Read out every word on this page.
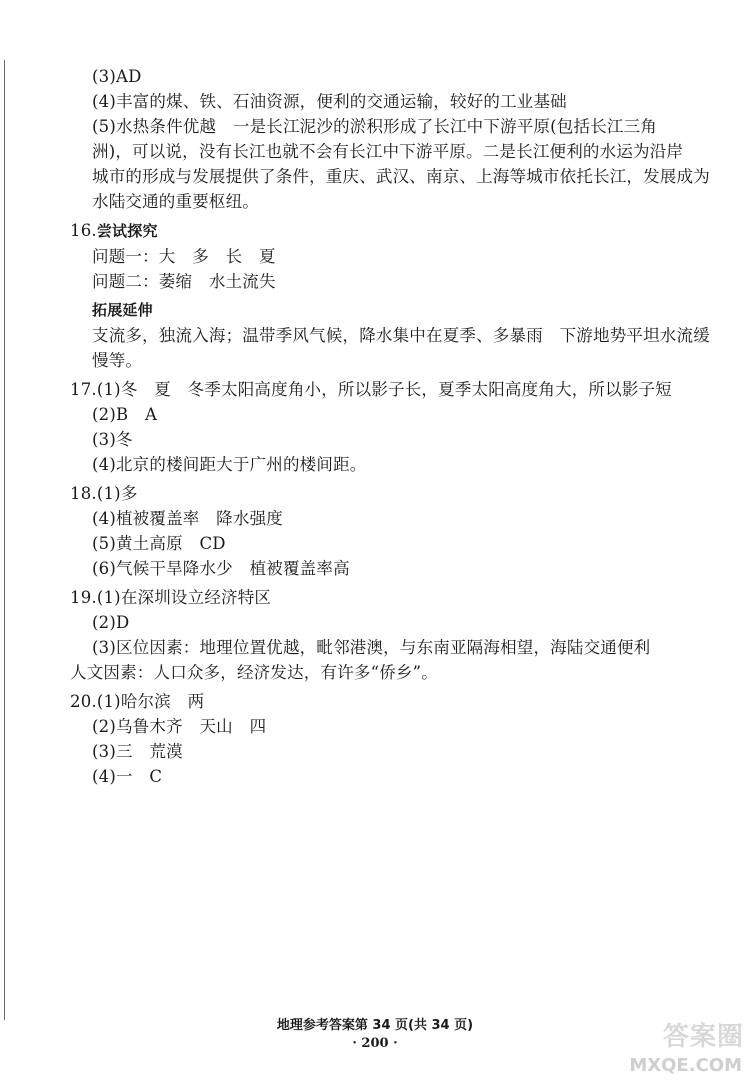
(3)AD
(4)丰富的煤、铁、石油资源，便利的交通运输，较好的工业基础
(5)水热条件优越　一是长江泥沙的淤积形成了长江中下游平原(包括长江三角
洲)，可以说，没有长江也就不会有长江中下游平原。二是长江便利的水运为沿岸
城市的形成与发展提供了条件，重庆、武汉、南京、上海等城市依托长江，发展成为
水陆交通的重要枢纽。
16.尝试探究
问题一：大　多　长　夏
问题二：萎缩　水土流失
拓展延伸
支流多，独流入海；温带季风气候，降水集中在夏季、多暴雨　下游地势平坦水流缓
慢等。
17.(1)冬　夏　冬季太阳高度角小，所以影子长，夏季太阳高度角大，所以影子短
(2)B　A
(3)冬
(4)北京的楼间距大于广州的楼间距。
18.(1)多
(4)植被覆盖率　降水强度
(5)黄土高原　CD
(6)气候干旱降水少　植被覆盖率高
19.(1)在深圳设立经济特区
(2)D
(3)区位因素：地理位置优越，毗邻港澳，与东南亚隔海相望，海陆交通便利
人文因素：人口众多，经济发达，有许多“侨乡”。
20.(1)哈尔滨　两
(2)乌鲁木齐　天山　四
(3)三　荒漠
(4)一　C
地理参考答案第 34 页(共 34 页)
· 200 ·	答案圈
MXQE.COM
